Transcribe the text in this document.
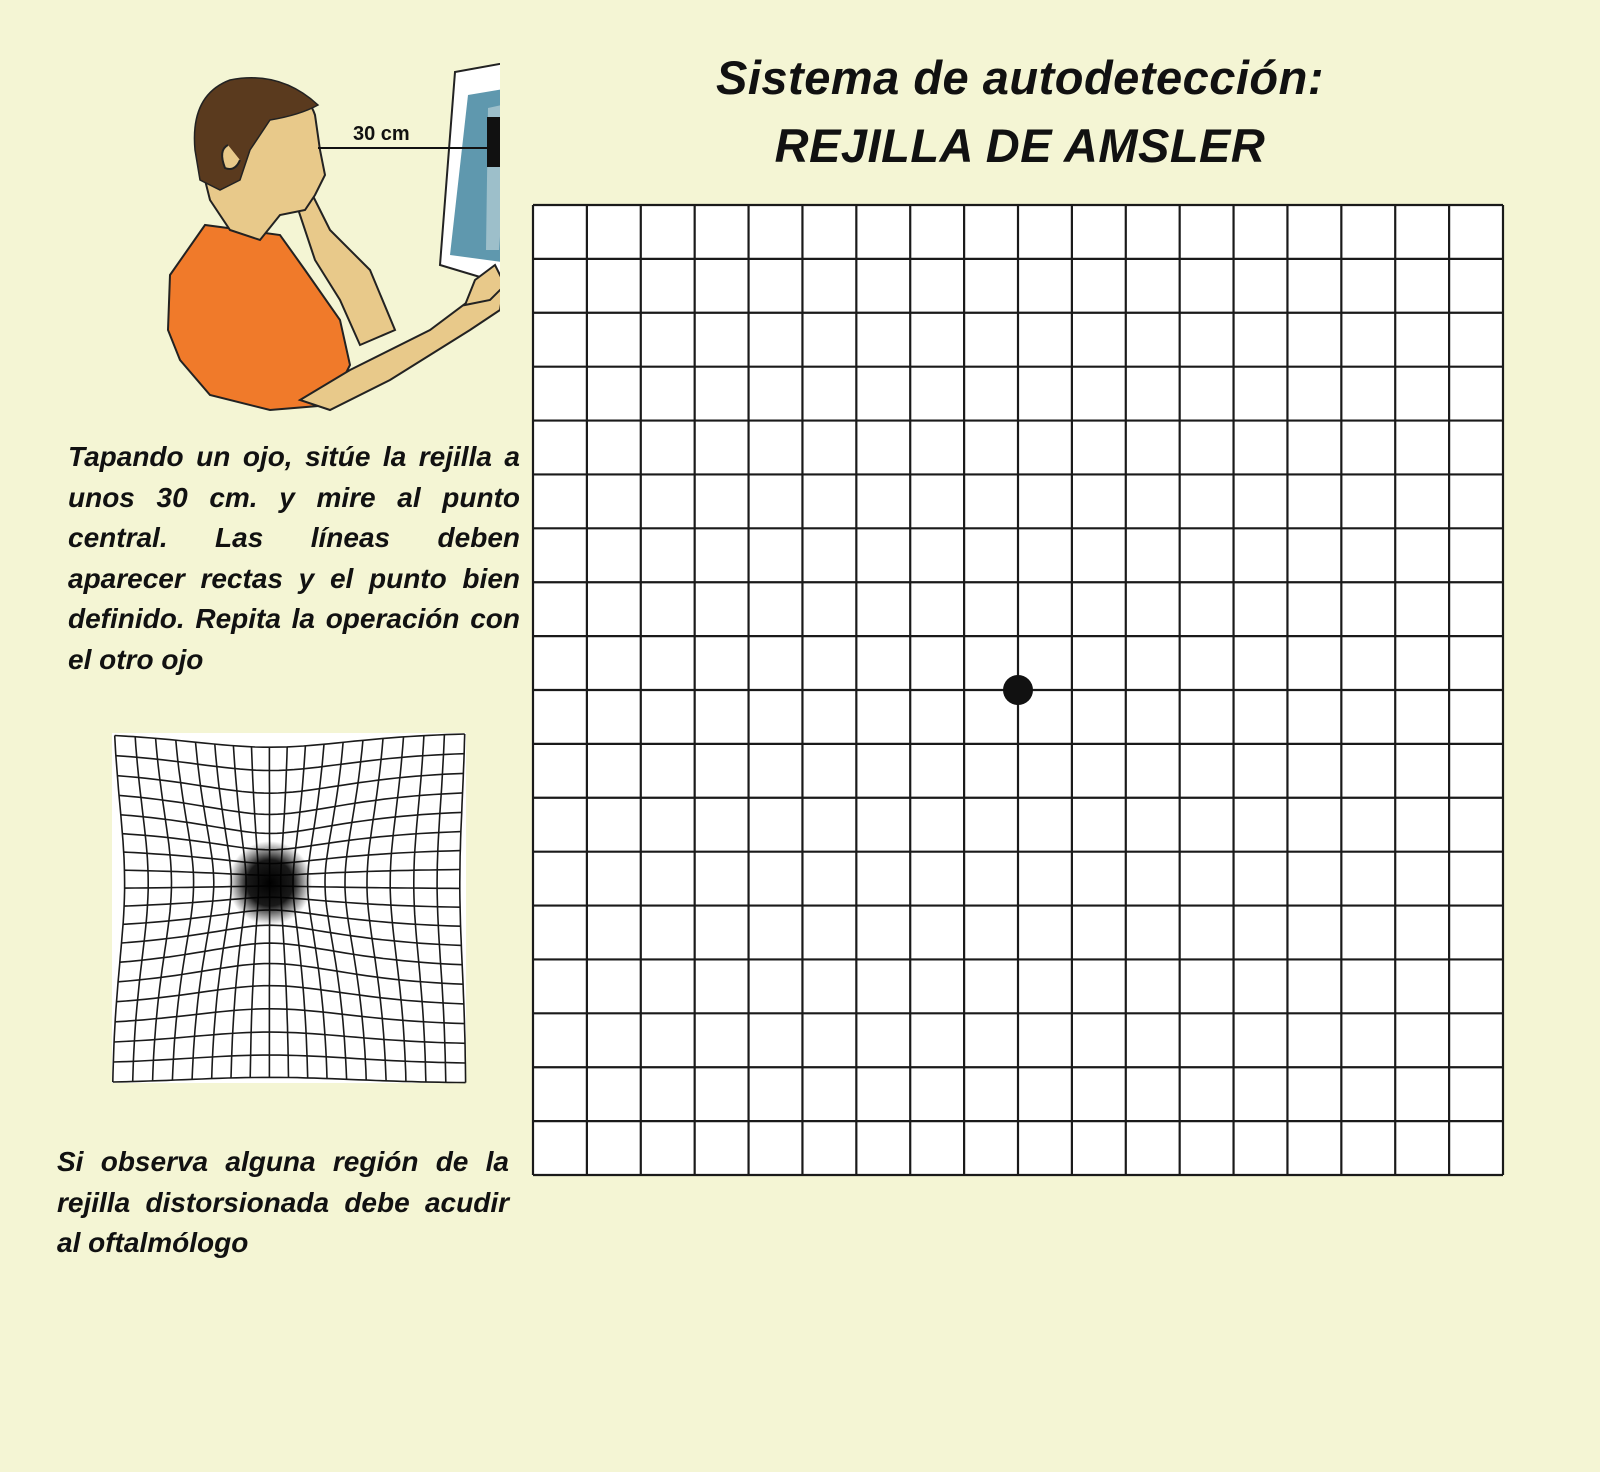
Sistema de autodetección:
REJILLA DE AMSLER
30 cm
Tapando un ojo, sitúe la rejilla a unos 30 cm. y mire al punto central. Las líneas deben aparecer rectas y el punto bien definido. Repita la operación con el otro ojo
Si observa alguna región de la rejilla distorsionada debe acudir al oftalmólogo
